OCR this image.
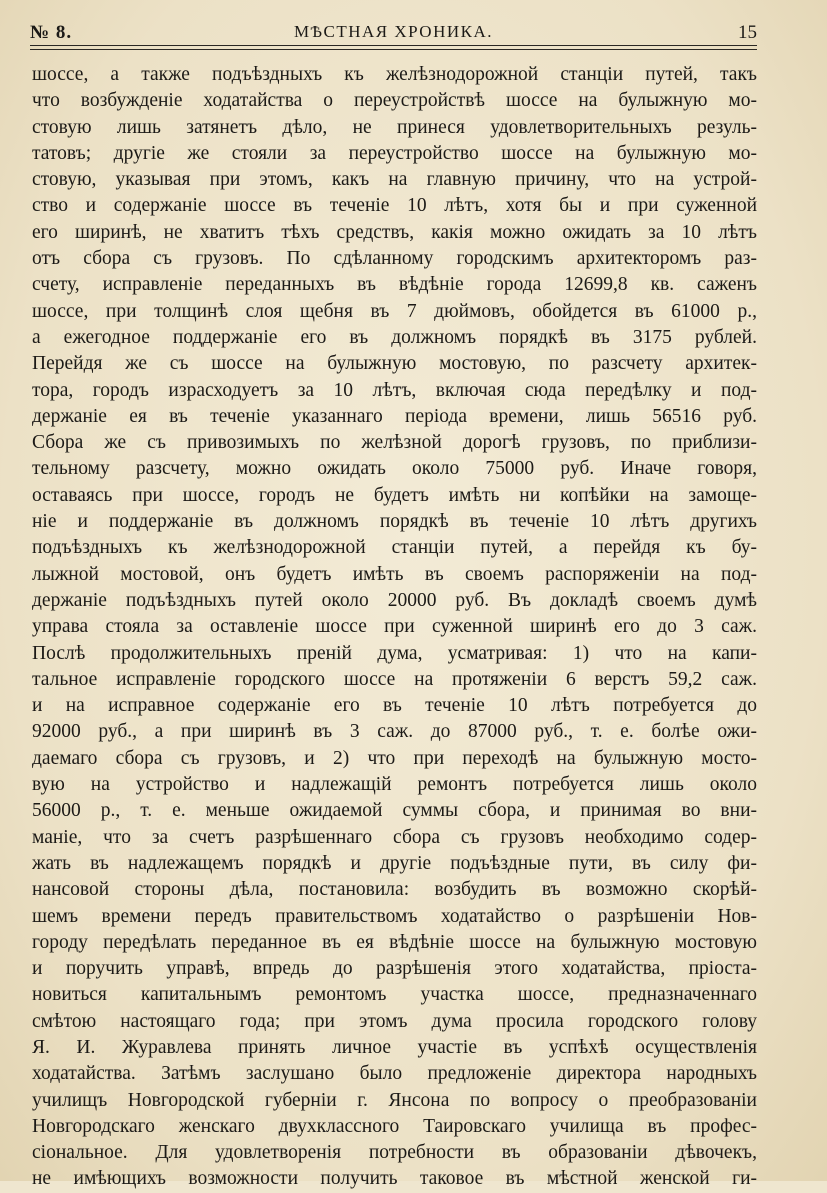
№ 8.	МѢСТНАЯ ХРОНИКА.	15
шоссе, а также подъѣздныхъ къ желѣзнодорожной станціи путей, такъ
что возбужденіе ходатайства о переустройствѣ шоссе на булыжную мо-
стовую лишь затянетъ дѣло, не принеся удовлетворительныхъ резуль-
татовъ; другіе же стояли за переустройство шоссе на булыжную мо-
стовую, указывая при этомъ, какъ на главную причину, что на устрой-
ство и содержаніе шоссе въ теченіе 10 лѣтъ, хотя бы и при суженной
его ширинѣ, не хватитъ тѣхъ средствъ, какія можно ожидать за 10 лѣтъ
отъ сбора съ грузовъ. По сдѣланному городскимъ архитекторомъ раз-
счету, исправленіе переданныхъ въ вѣдѣніе города 12699,8 кв. саженъ
шоссе, при толщинѣ слоя щебня въ 7 дюймовъ, обойдется въ 61000 р.,
а ежегодное поддержаніе его въ должномъ порядкѣ въ 3175 рублей.
Перейдя же съ шоссе на булыжную мостовую, по разсчету архитек-
тора, городъ израсходуетъ за 10 лѣтъ, включая сюда передѣлку и под-
держаніе ея въ теченіе указаннаго періода времени, лишь 56516 руб.
Сбора же съ привозимыхъ по желѣзной дорогѣ грузовъ, по приблизи-
тельному разсчету, можно ожидать около 75000 руб. Иначе говоря,
оставаясь при шоссе, городъ не будетъ имѣть ни копѣйки на замоще-
ніе и поддержаніе въ должномъ порядкѣ въ теченіе 10 лѣтъ другихъ
подъѣздныхъ къ желѣзнодорожной станціи путей, а перейдя къ бу-
лыжной мостовой, онъ будетъ имѣть въ своемъ распоряженіи на под-
держаніе подъѣздныхъ путей около 20000 руб. Въ докладѣ своемъ думѣ
управа стояла за оставленіе шоссе при суженной ширинѣ его до 3 саж.
Послѣ продолжительныхъ преній дума, усматривая: 1) что на капи-
тальное исправленіе городского шоссе на протяженіи 6 верстъ 59,2 саж.
и на исправное содержаніе его въ теченіе 10 лѣтъ потребуется до
92000 руб., а при ширинѣ въ 3 саж. до 87000 руб., т. е. болѣе ожи-
даемаго сбора съ грузовъ, и 2) что при переходѣ на булыжную мосто-
вую на устройство и надлежащій ремонтъ потребуется лишь около
56000 р., т. е. меньше ожидаемой суммы сбора, и принимая во вни-
маніе, что за счетъ разрѣшеннаго сбора съ грузовъ необходимо содер-
жать въ надлежащемъ порядкѣ и другіе подъѣздные пути, въ силу фи-
нансовой стороны дѣла, постановила: возбудить въ возможно скорѣй-
шемъ времени передъ правительствомъ ходатайство о разрѣшеніи Нов-
городу передѣлать переданное въ ея вѣдѣніе шоссе на булыжную мостовую
и поручить управѣ, впредь до разрѣшенія этого ходатайства, пріоста-
новиться капитальнымъ ремонтомъ участка шоссе, предназначеннаго
смѣтою настоящаго года; при этомъ дума просила городского голову
Я. И. Журавлева принять личное участіе въ успѣхѣ осуществленія
ходатайства. Затѣмъ заслушано было предложеніе директора народныхъ
училищъ Новгородской губерніи г. Янсона по вопросу о преобразованіи
Новгородскаго женскаго двухклассного Таировскаго училища въ профес-
сіональное. Для удовлетворенія потребности въ образованіи дѣвочекъ,
не имѣющихъ возможности получить таковое въ мѣстной женской ги-
